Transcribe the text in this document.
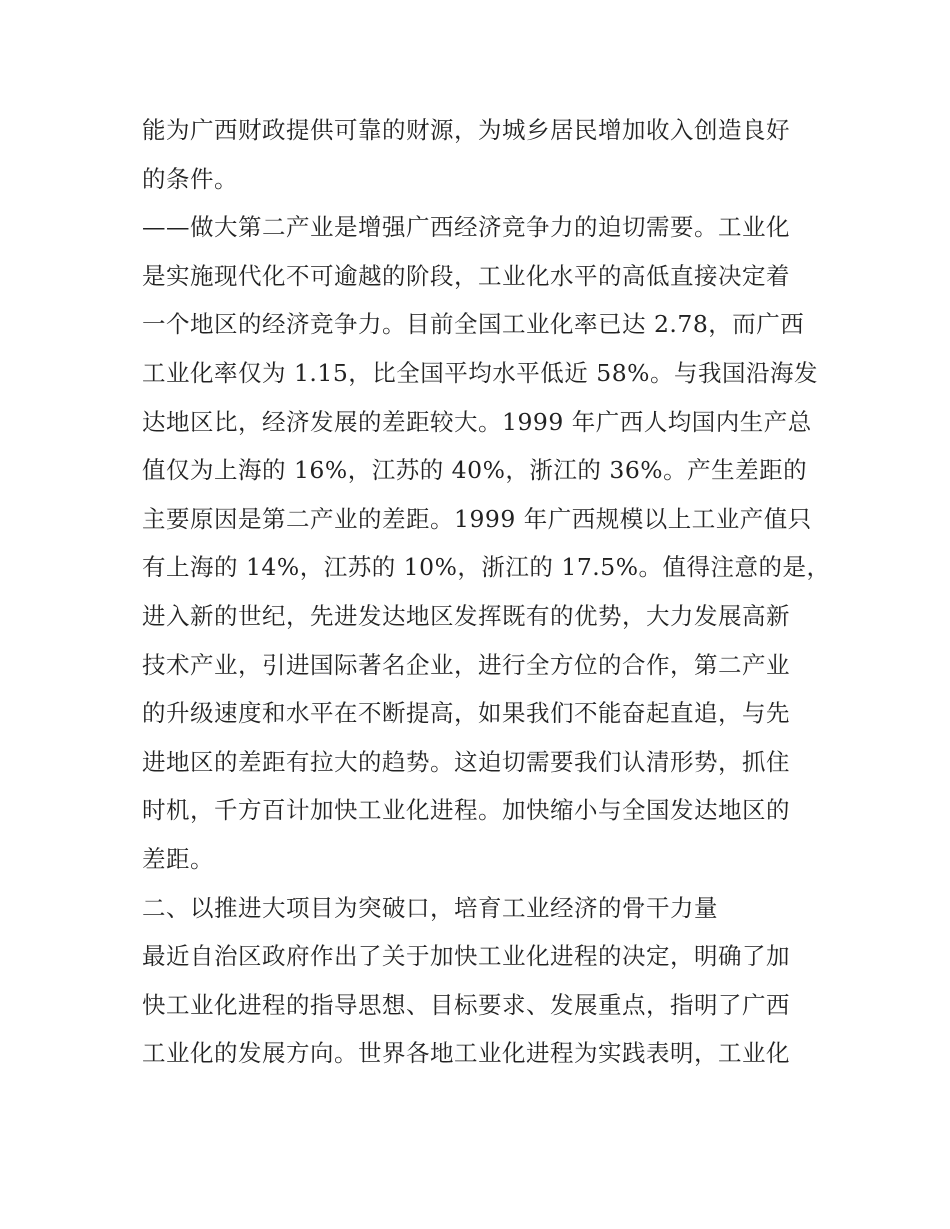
能为广西财政提供可靠的财源，为城乡居民增加收入创造良好
的条件。
——做大第二产业是增强广西经济竞争力的迫切需要。工业化
是实施现代化不可逾越的阶段，工业化水平的高低直接决定着
一个地区的经济竞争力。目前全国工业化率已达 2.78，而广西
工业化率仅为 1.15，比全国平均水平低近 58%。与我国沿海发
达地区比，经济发展的差距较大。1999 年广西人均国内生产总
值仅为上海的 16%，江苏的 40%，浙江的 36%。产生差距的
主要原因是第二产业的差距。1999 年广西规模以上工业产值只
有上海的 14%，江苏的 10%，浙江的 17.5%。值得注意的是，
进入新的世纪，先进发达地区发挥既有的优势，大力发展高新
技术产业，引进国际著名企业，进行全方位的合作，第二产业
的升级速度和水平在不断提高，如果我们不能奋起直追，与先
进地区的差距有拉大的趋势。这迫切需要我们认清形势，抓住
时机，千方百计加快工业化进程。加快缩小与全国发达地区的
差距。
二、以推进大项目为突破口，培育工业经济的骨干力量
最近自治区政府作出了关于加快工业化进程的决定，明确了加
快工业化进程的指导思想、目标要求、发展重点，指明了广西
工业化的发展方向。世界各地工业化进程为实践表明，工业化
